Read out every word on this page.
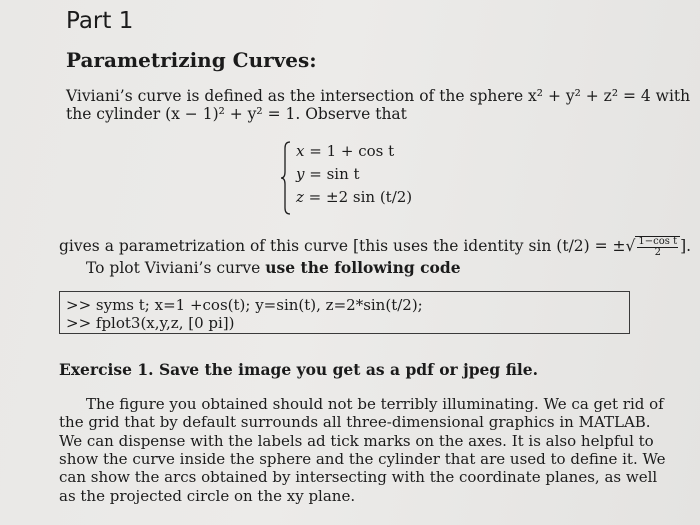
Part 1
Parametrizing Curves:
Viviani’s curve is defined as the intersection of the sphere x² + y² + z² = 4 with
the cylinder (x − 1)² + y² = 1. Observe that
x = 1 + cos t
y = sin t
z = ±2 sin (t/2)
gives a parametrization of this curve [this uses the identity sin (t/2) = ±√ $\frac{\text{1−cos t}}{2}$ ].
To plot Viviani’s curve use the following code
>> syms t; x=1 +cos(t); y=sin(t), z=2*sin(t/2);
>> fplot3(x,y,z, [0 pi])
Exercise 1. Save the image you get as a pdf or jpeg file.
The figure you obtained should not be terribly illuminating. We ca get rid of
the grid that by default surrounds all three-dimensional graphics in MATLAB.
We can dispense with the labels ad tick marks on the axes. It is also helpful to
show the curve inside the sphere and the cylinder that are used to define it. We
can show the arcs obtained by intersecting with the coordinate planes, as well
as the projected circle on the xy plane.
